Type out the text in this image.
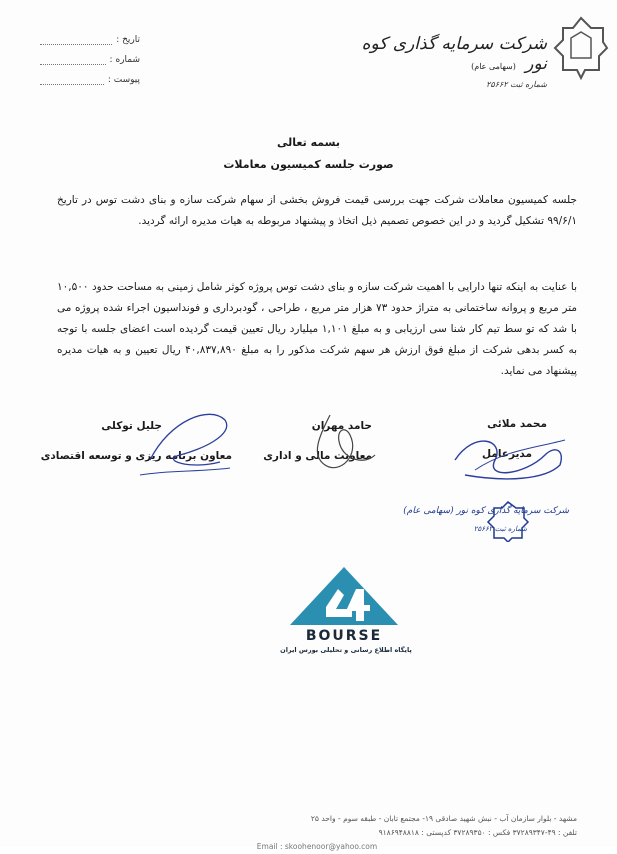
شرکت سرمایه گذاری کوه نور (سهامی عام)
شماره ثبت ۲۵۶۶۲
تاریخ :
شماره :
پیوست :
بسمه تعالی
صورت جلسه کمیسیون معاملات
جلسه کمیسیون معاملات شرکت جهت بررسی قیمت فروش بخشی از سهام شرکت سازه و بنای دشت توس در تاریخ ۹۹/۶/۱ تشکیل گردید و در این خصوص تصمیم ذیل اتخاذ و پیشنهاد مربوطه به هیات مدیره ارائه گردید.
با عنایت به اینکه تنها دارایی با اهمیت شرکت سازه و بنای دشت توس پروژه کوثر شامل زمینی به مساحت حدود ۱۰,۵۰۰ متر مربع و پروانه ساختمانی به متراژ حدود ۷۳ هزار متر مربع ، طراحی ، گودبرداری و فونداسیون اجراء شده پروژه می با شد که تو سط تیم کار شنا سی ارزیابی و به مبلغ ۱,۱۰۱ میلیارد ریال تعیین قیمت گردیده است اعضای جلسه با توجه به کسر بدهی شرکت از مبلغ فوق ارزش هر سهم شرکت مذکور را به مبلغ ۴۰,۸۳۷,۸۹۰ ریال تعیین و به هیات مدیره پیشنهاد می نماید.
محمد ملائی
مدیرعامل
حامد مهران
معاونت مالی و اداری
جلیل توکلی
معاون برنامه ریزی و توسعه اقتصادی
شرکت سرمایه گذاری کوه نور (سهامی عام)
شماره ثبت ۲۵۶۶۲
BOURSE
پایگاه اطلاع رسانی و تحلیلی بورس ایران
مشهد - بلوار سازمان آب - نبش شهید صادقی ۱۹- مجتمع تابان - طبقه سوم - واحد ۲۵
تلفن : ۴۹-۳۷۲۸۹۳۴۷ فکس : ۳۷۲۸۹۳۵۰ کدپستی : ۹۱۸۶۹۴۸۸۱۸
Email : skoohenoor@yahoo.com
